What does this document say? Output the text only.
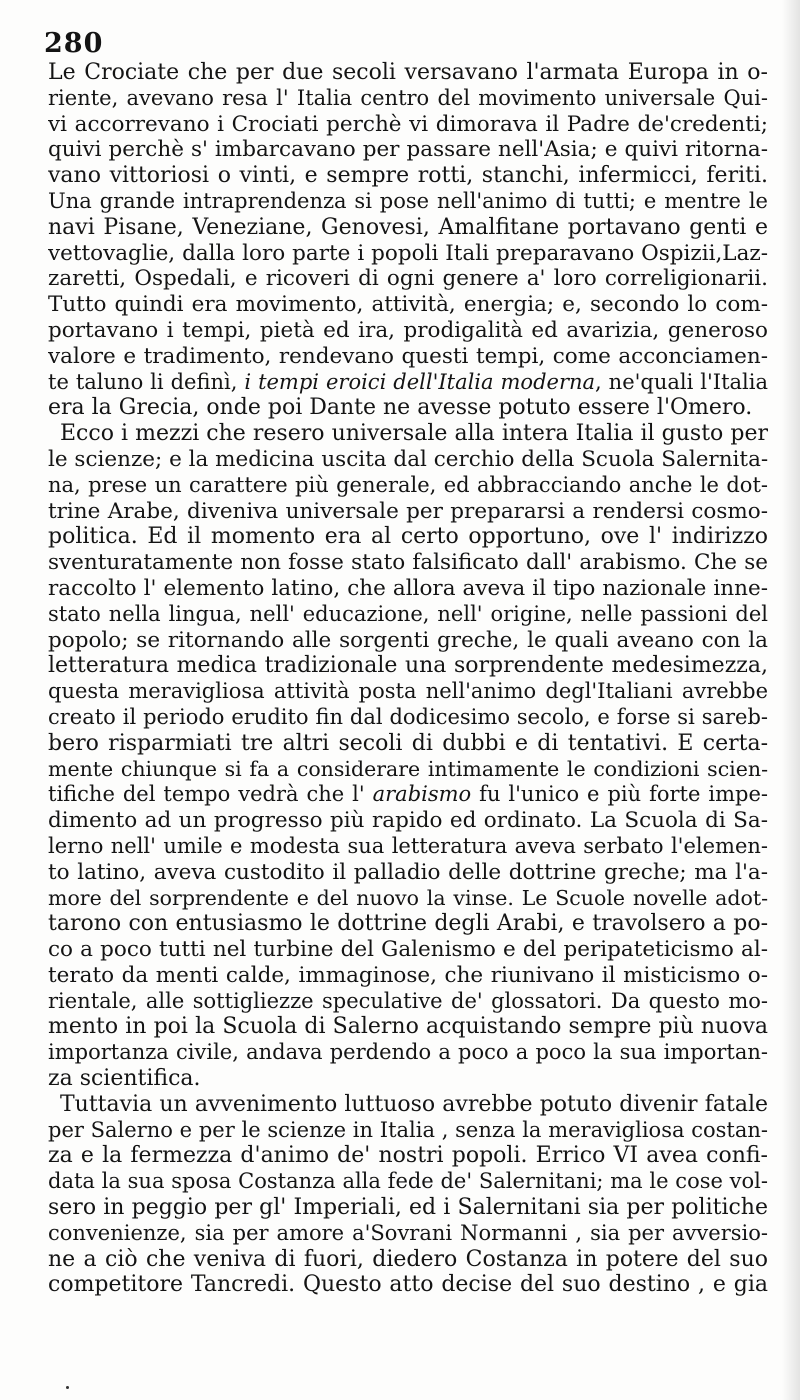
280
Le Crociate che per due secoli versavano l'armata Europa in o-
riente, avevano resa l' Italia centro del movimento universale Qui-
vi accorrevano i Crociati perchè vi dimorava il Padre de'credenti;
quivi perchè s' imbarcavano per passare nell'Asia; e quivi ritorna-
vano vittoriosi o vinti, e sempre rotti, stanchi, infermicci, feriti.
Una grande intraprendenza si pose nell'animo di tutti; e mentre le
navi Pisane, Veneziane, Genovesi, Amalfitane portavano genti e
vettovaglie, dalla loro parte i popoli Itali preparavano Ospizii,Laz-
zaretti, Ospedali, e ricoveri di ogni genere a' loro correligionarii.
Tutto quindi era movimento, attività, energia; e, secondo lo com-
portavano i tempi, pietà ed ira, prodigalità ed avarizia, generoso
valore e tradimento, rendevano questi tempi, come acconciamen-
te taluno li definì, i tempi eroici dell'Italia moderna, ne'quali l'Italia
era la Grecia, onde poi Dante ne avesse potuto essere l'Omero.
Ecco i mezzi che resero universale alla intera Italia il gusto per
le scienze; e la medicina uscita dal cerchio della Scuola Salernita-
na, prese un carattere più generale, ed abbracciando anche le dot-
trine Arabe, diveniva universale per prepararsi a rendersi cosmo-
politica. Ed il momento era al certo opportuno, ove l' indirizzo
sventuratamente non fosse stato falsificato dall' arabismo. Che se
raccolto l' elemento latino, che allora aveva il tipo nazionale inne-
stato nella lingua, nell' educazione, nell' origine, nelle passioni del
popolo; se ritornando alle sorgenti greche, le quali aveano con la
letteratura medica tradizionale una sorprendente medesimezza,
questa meravigliosa attività posta nell'animo degl'Italiani avrebbe
creato il periodo erudito fin dal dodicesimo secolo, e forse si sareb-
bero risparmiati tre altri secoli di dubbi e di tentativi. E certa-
mente chiunque si fa a considerare intimamente le condizioni scien-
tifiche del tempo vedrà che l' arabismo fu l'unico e più forte impe-
dimento ad un progresso più rapido ed ordinato. La Scuola di Sa-
lerno nell' umile e modesta sua letteratura aveva serbato l'elemen-
to latino, aveva custodito il palladio delle dottrine greche; ma l'a-
more del sorprendente e del nuovo la vinse. Le Scuole novelle adot-
tarono con entusiasmo le dottrine degli Arabi, e travolsero a po-
co a poco tutti nel turbine del Galenismo e del peripateticismo al-
terato da menti calde, immaginose, che riunivano il misticismo o-
rientale, alle sottigliezze speculative de' glossatori. Da questo mo-
mento in poi la Scuola di Salerno acquistando sempre più nuova
importanza civile, andava perdendo a poco a poco la sua importan-
za scientifica.
Tuttavia un avvenimento luttuoso avrebbe potuto divenir fatale
per Salerno e per le scienze in Italia , senza la meravigliosa costan-
za e la fermezza d'animo de' nostri popoli. Errico VI avea confi-
data la sua sposa Costanza alla fede de' Salernitani; ma le cose vol-
sero in peggio per gl' Imperiali, ed i Salernitani sia per politiche
convenienze, sia per amore a'Sovrani Normanni , sia per avversio-
ne a ciò che veniva di fuori, diedero Costanza in potere del suo
competitore Tancredi. Questo atto decise del suo destino , e gia
